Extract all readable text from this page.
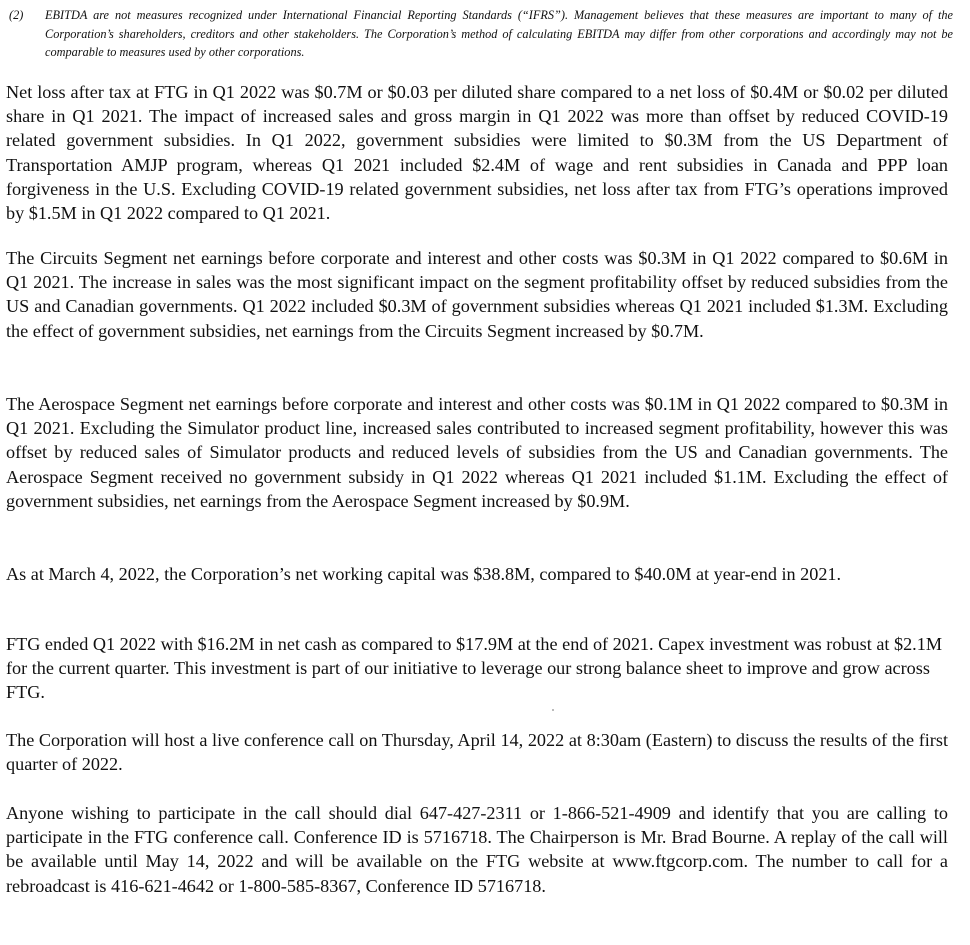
(2)	EBITDA are not measures recognized under International Financial Reporting Standards (“IFRS”). Management believes that these measures are important to many of the Corporation’s shareholders, creditors and other stakeholders. The Corporation’s method of calculating EBITDA may differ from other corporations and accordingly may not be comparable to measures used by other corporations.

Net loss after tax at FTG in Q1 2022 was $0.7M or $0.03 per diluted share compared to a net loss of $0.4M or $0.02 per diluted share in Q1 2021. The impact of increased sales and gross margin in Q1 2022 was more than offset by reduced COVID-19 related government subsidies. In Q1 2022, government subsidies were limited to $0.3M from the US Department of Transportation AMJP program, whereas Q1 2021 included $2.4M of wage and rent subsidies in Canada and PPP loan forgiveness in the U.S. Excluding COVID-19 related government subsidies, net loss after tax from FTG’s operations improved by $1.5M in Q1 2022 compared to Q1 2021.

The Circuits Segment net earnings before corporate and interest and other costs was $0.3M in Q1 2022 compared to $0.6M in Q1 2021. The increase in sales was the most significant impact on the segment profitability offset by reduced subsidies from the US and Canadian governments. Q1 2022 included $0.3M of government subsidies whereas Q1 2021 included $1.3M. Excluding the effect of government subsidies, net earnings from the Circuits Segment increased by $0.7M.

The Aerospace Segment net earnings before corporate and interest and other costs was $0.1M in Q1 2022 compared to $0.3M in Q1 2021. Excluding the Simulator product line, increased sales contributed to increased segment profitability, however this was offset by reduced sales of Simulator products and reduced levels of subsidies from the US and Canadian governments. The Aerospace Segment received no government subsidy in Q1 2022 whereas Q1 2021 included $1.1M. Excluding the effect of government subsidies, net earnings from the Aerospace Segment increased by $0.9M.

As at March 4, 2022, the Corporation’s net working capital was $38.8M, compared to $40.0M at year-end in 2021.

FTG ended Q1 2022 with $16.2M in net cash as compared to $17.9M at the end of 2021. Capex investment was robust at $2.1M for the current quarter. This investment is part of our initiative to leverage our strong balance sheet to improve and grow across FTG.

The Corporation will host a live conference call on Thursday, April 14, 2022 at 8:30am (Eastern) to discuss the results of the first quarter of 2022.

Anyone wishing to participate in the call should dial 647-427-2311 or 1-866-521-4909 and identify that you are calling to participate in the FTG conference call. Conference ID is 5716718. The Chairperson is Mr. Brad Bourne. A replay of the call will be available until May 14, 2022 and will be available on the FTG website at www.ftgcorp.com. The number to call for a rebroadcast is 416-621-4642 or 1-800-585-8367, Conference ID 5716718.
